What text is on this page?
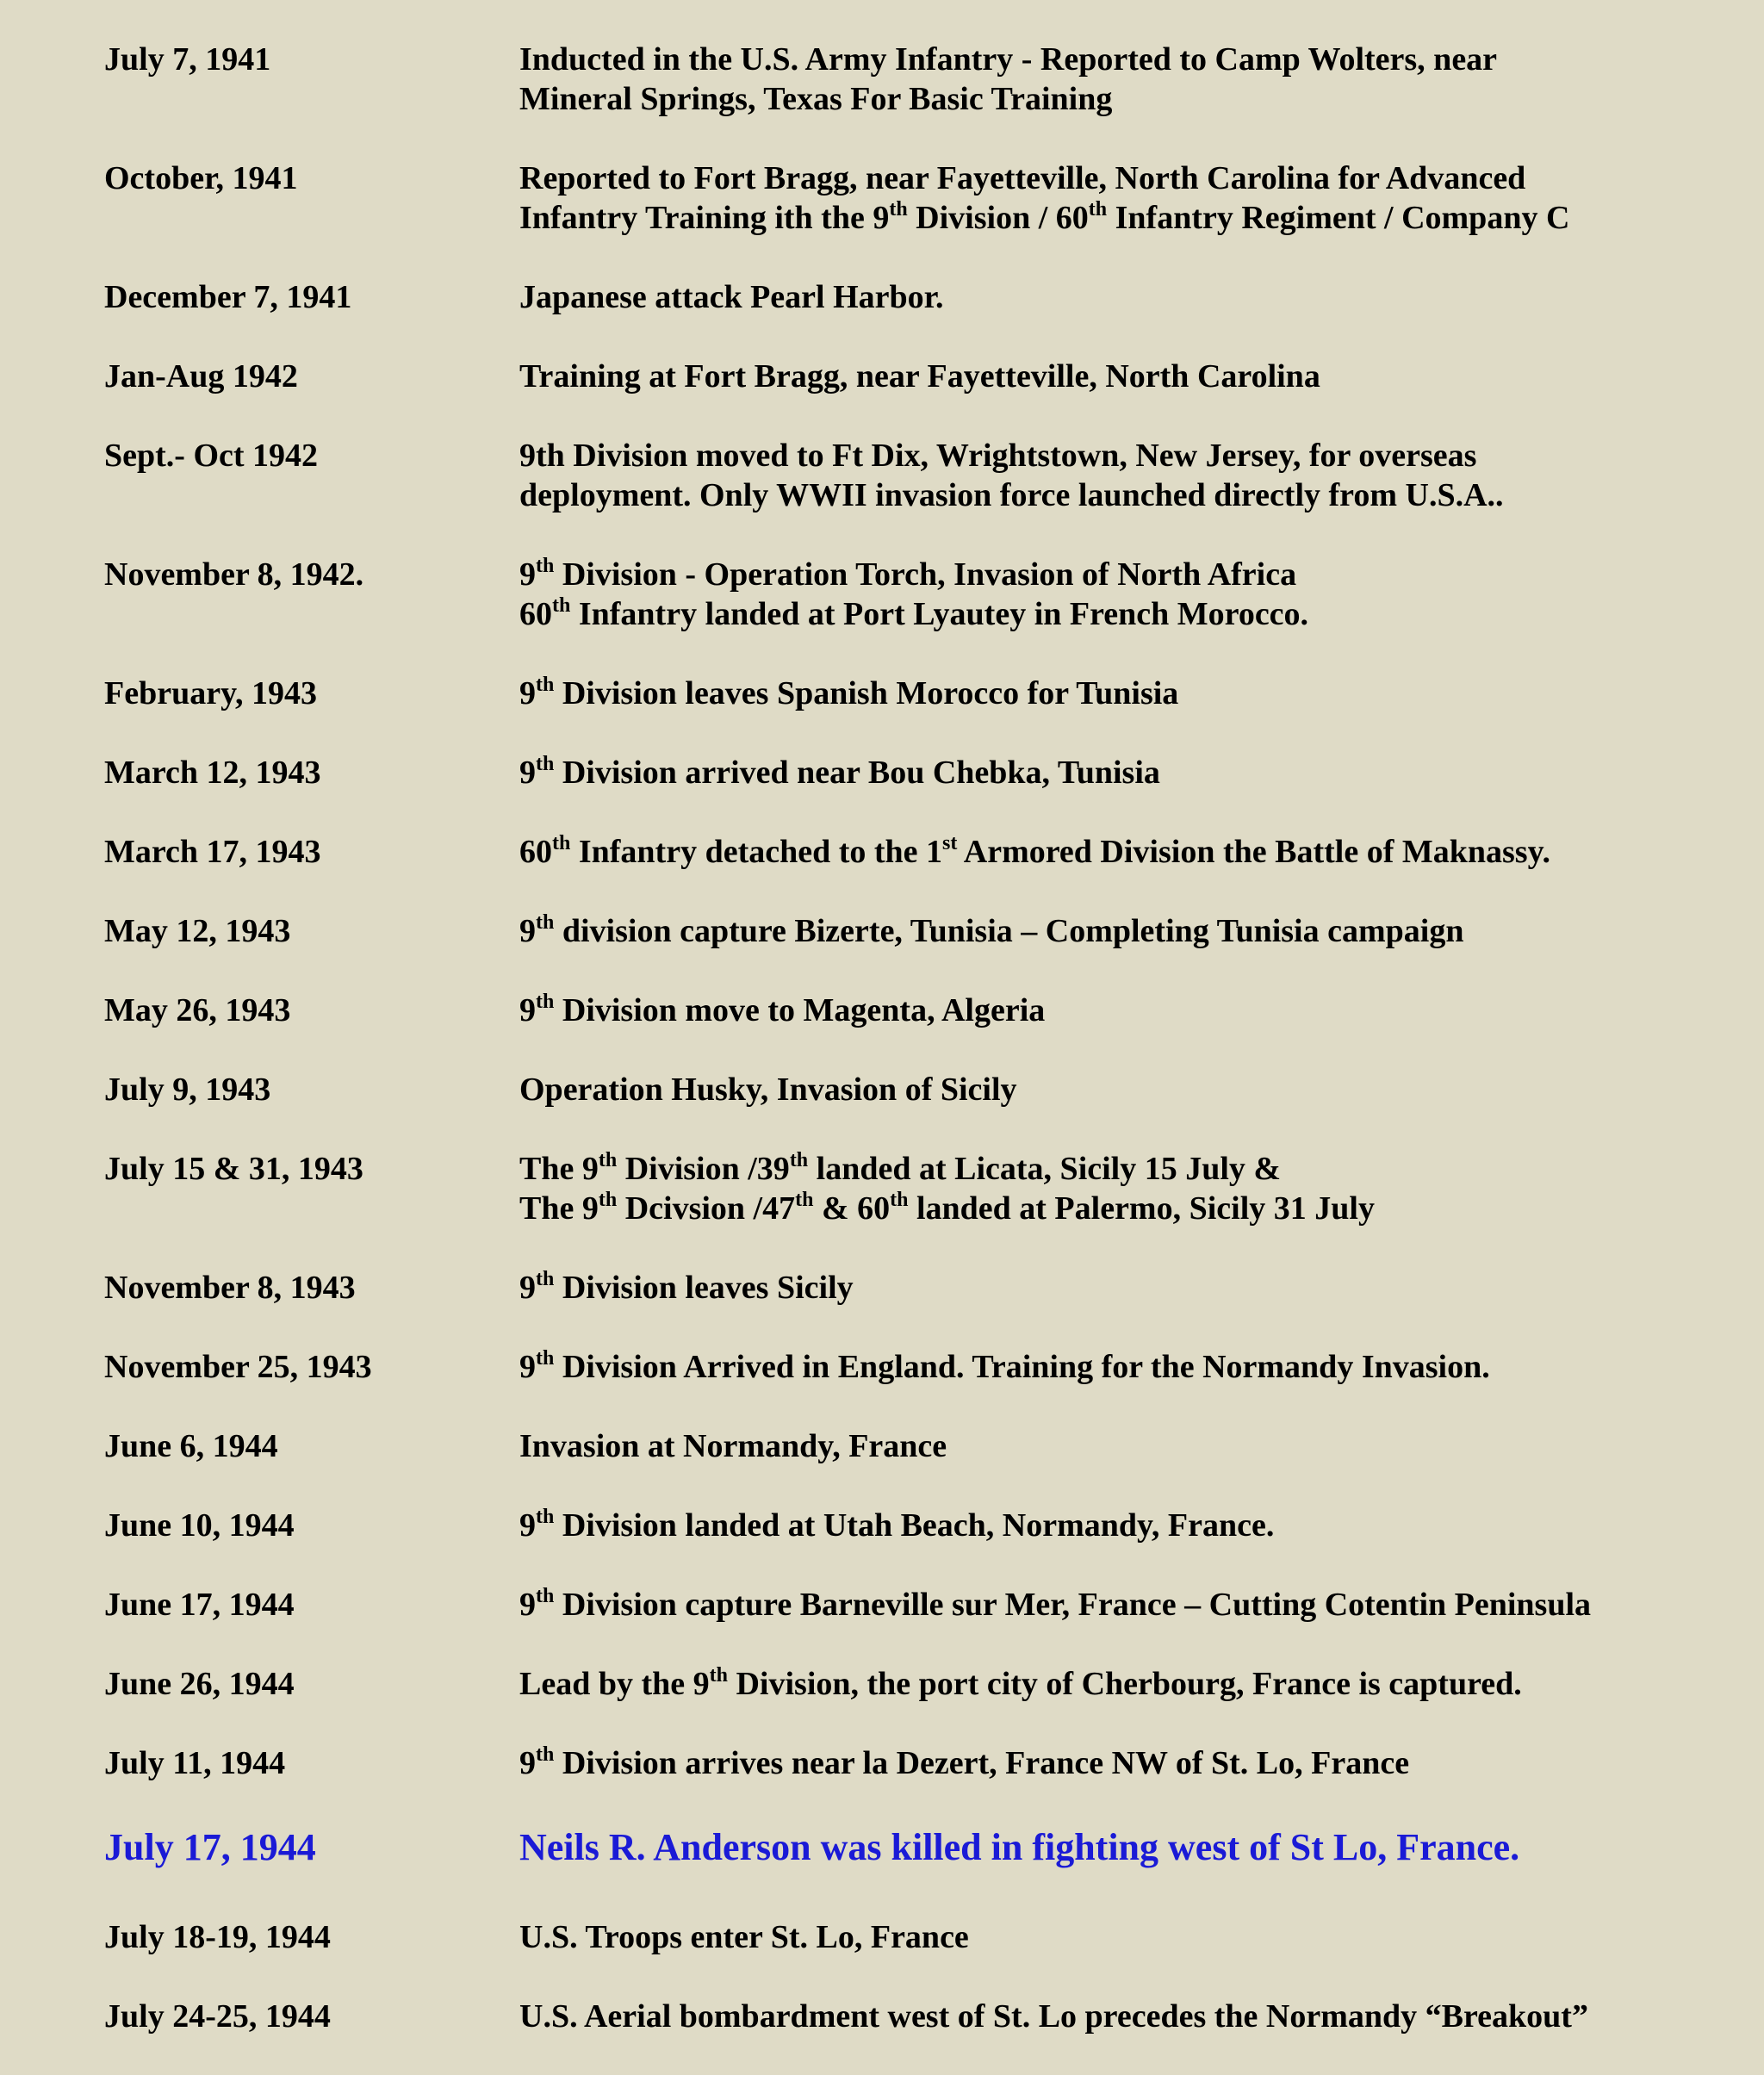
July 7, 1941	Inducted in the U.S. Army Infantry - Reported to Camp Wolters, near
Mineral Springs, Texas For Basic Training
October, 1941	Reported to Fort Bragg, near Fayetteville, North Carolina for Advanced
Infantry Training ith the 9th Division / 60th Infantry Regiment / Company C
December 7, 1941	Japanese attack Pearl Harbor.
Jan-Aug 1942	Training at Fort Bragg, near Fayetteville, North Carolina
Sept.- Oct 1942	9th Division moved to Ft Dix, Wrightstown, New Jersey, for overseas
deployment. Only WWII invasion force launched directly from U.S.A..
November 8, 1942.	9th Division - Operation Torch, Invasion of North Africa
60th Infantry landed at Port Lyautey in French Morocco.
February, 1943	9th Division leaves Spanish Morocco for Tunisia
March 12, 1943	9th Division arrived near Bou Chebka, Tunisia
March 17, 1943	60th Infantry detached to the 1st Armored Division the Battle of Maknassy.
May 12, 1943	9th division capture Bizerte, Tunisia – Completing Tunisia campaign
May 26, 1943	9th Division move to Magenta, Algeria
July 9, 1943	Operation Husky, Invasion of Sicily
July 15 & 31, 1943	The 9th Division /39th landed at Licata, Sicily 15 July &
The 9th Dcivsion /47th & 60th landed at Palermo, Sicily 31 July
November 8, 1943	9th Division leaves Sicily
November 25, 1943	9th Division Arrived in England. Training for the Normandy Invasion.
June 6, 1944	Invasion at Normandy, France
June 10, 1944	9th Division landed at Utah Beach, Normandy, France.
June 17, 1944	9th Division capture Barneville sur Mer, France – Cutting Cotentin Peninsula
June 26, 1944	Lead by the 9th Division, the port city of Cherbourg, France is captured.
July 11, 1944	9th Division arrives near la Dezert, France NW of St. Lo, France
July 17, 1944	Neils R. Anderson was killed in fighting west of St Lo, France.
July 18-19, 1944	U.S. Troops enter St. Lo, France
July 24-25, 1944	U.S. Aerial bombardment west of St. Lo precedes the Normandy “Breakout”
